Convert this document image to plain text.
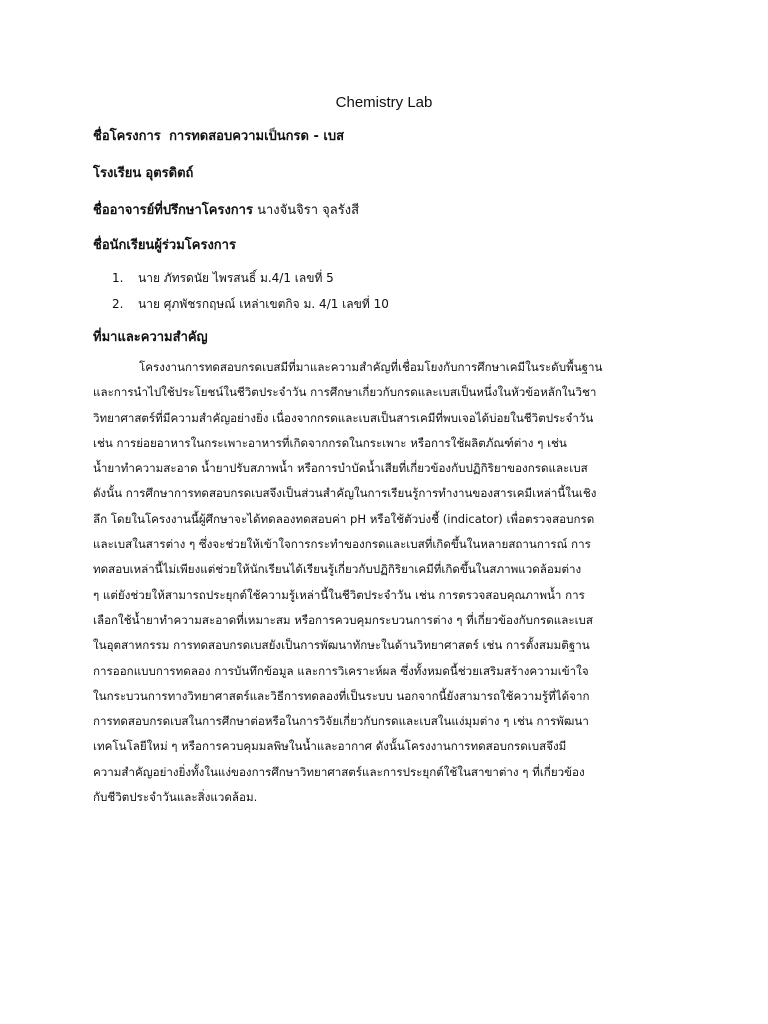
Chemistry Lab
ชื่อโครงการ การทดสอบความเป็นกรด - เบส
โรงเรียน อุตรดิตถ์
ชื่ออาจารย์ที่ปรึกษาโครงการ นางจันจิรา จุลรังสี
ชื่อนักเรียนผู้ร่วมโครงการ
1. นาย ภัทรดนัย ไพรสนธิ์ ม.4/1 เลขที่ 5
2. นาย ศุภพัชรกฤษณ์ เหล่าเขตกิจ ม. 4/1 เลขที่ 10
ที่มาและความสำคัญ
โครงงานการทดสอบกรดเบสมีที่มาและความสำคัญที่เชื่อมโยงกับการศึกษาเคมีในระดับพื้นฐาน
และการนำไปใช้ประโยชน์ในชีวิตประจำวัน การศึกษาเกี่ยวกับกรดและเบสเป็นหนึ่งในหัวข้อหลักในวิชา
วิทยาศาสตร์ที่มีความสำคัญอย่างยิ่ง เนื่องจากกรดและเบสเป็นสารเคมีที่พบเจอได้บ่อยในชีวิตประจำวัน
เช่น การย่อยอาหารในกระเพาะอาหารที่เกิดจากกรดในกระเพาะ หรือการใช้ผลิตภัณฑ์ต่าง ๆ เช่น
น้ำยาทำความสะอาด น้ำยาปรับสภาพน้ำ หรือการบำบัดน้ำเสียที่เกี่ยวข้องกับปฏิกิริยาของกรดและเบส
ดังนั้น การศึกษาการทดสอบกรดเบสจึงเป็นส่วนสำคัญในการเรียนรู้การทำงานของสารเคมีเหล่านี้ในเชิง
ลึก โดยในโครงงานนี้ผู้ศึกษาจะได้ทดลองทดสอบค่า pH หรือใช้ตัวบ่งชี้ (indicator) เพื่อตรวจสอบกรด
และเบสในสารต่าง ๆ ซึ่งจะช่วยให้เข้าใจการกระทำของกรดและเบสที่เกิดขึ้นในหลายสถานการณ์ การ
ทดสอบเหล่านี้ไม่เพียงแต่ช่วยให้นักเรียนได้เรียนรู้เกี่ยวกับปฏิกิริยาเคมีที่เกิดขึ้นในสภาพแวดล้อมต่าง
ๆ แต่ยังช่วยให้สามารถประยุกต์ใช้ความรู้เหล่านี้ในชีวิตประจำวัน เช่น การตรวจสอบคุณภาพน้ำ การ
เลือกใช้น้ำยาทำความสะอาดที่เหมาะสม หรือการควบคุมกระบวนการต่าง ๆ ที่เกี่ยวข้องกับกรดและเบส
ในอุตสาหกรรม การทดสอบกรดเบสยังเป็นการพัฒนาทักษะในด้านวิทยาศาสตร์ เช่น การตั้งสมมติฐาน
การออกแบบการทดลอง การบันทึกข้อมูล และการวิเคราะห์ผล ซึ่งทั้งหมดนี้ช่วยเสริมสร้างความเข้าใจ
ในกระบวนการทางวิทยาศาสตร์และวิธีการทดลองที่เป็นระบบ นอกจากนี้ยังสามารถใช้ความรู้ที่ได้จาก
การทดสอบกรดเบสในการศึกษาต่อหรือในการวิจัยเกี่ยวกับกรดและเบสในแง่มุมต่าง ๆ เช่น การพัฒนา
เทคโนโลยีใหม่ ๆ หรือการควบคุมมลพิษในน้ำและอากาศ ดังนั้นโครงงานการทดสอบกรดเบสจึงมี
ความสำคัญอย่างยิ่งทั้งในแง่ของการศึกษาวิทยาศาสตร์และการประยุกต์ใช้ในสาขาต่าง ๆ ที่เกี่ยวข้อง
กับชีวิตประจำวันและสิ่งแวดล้อม.
